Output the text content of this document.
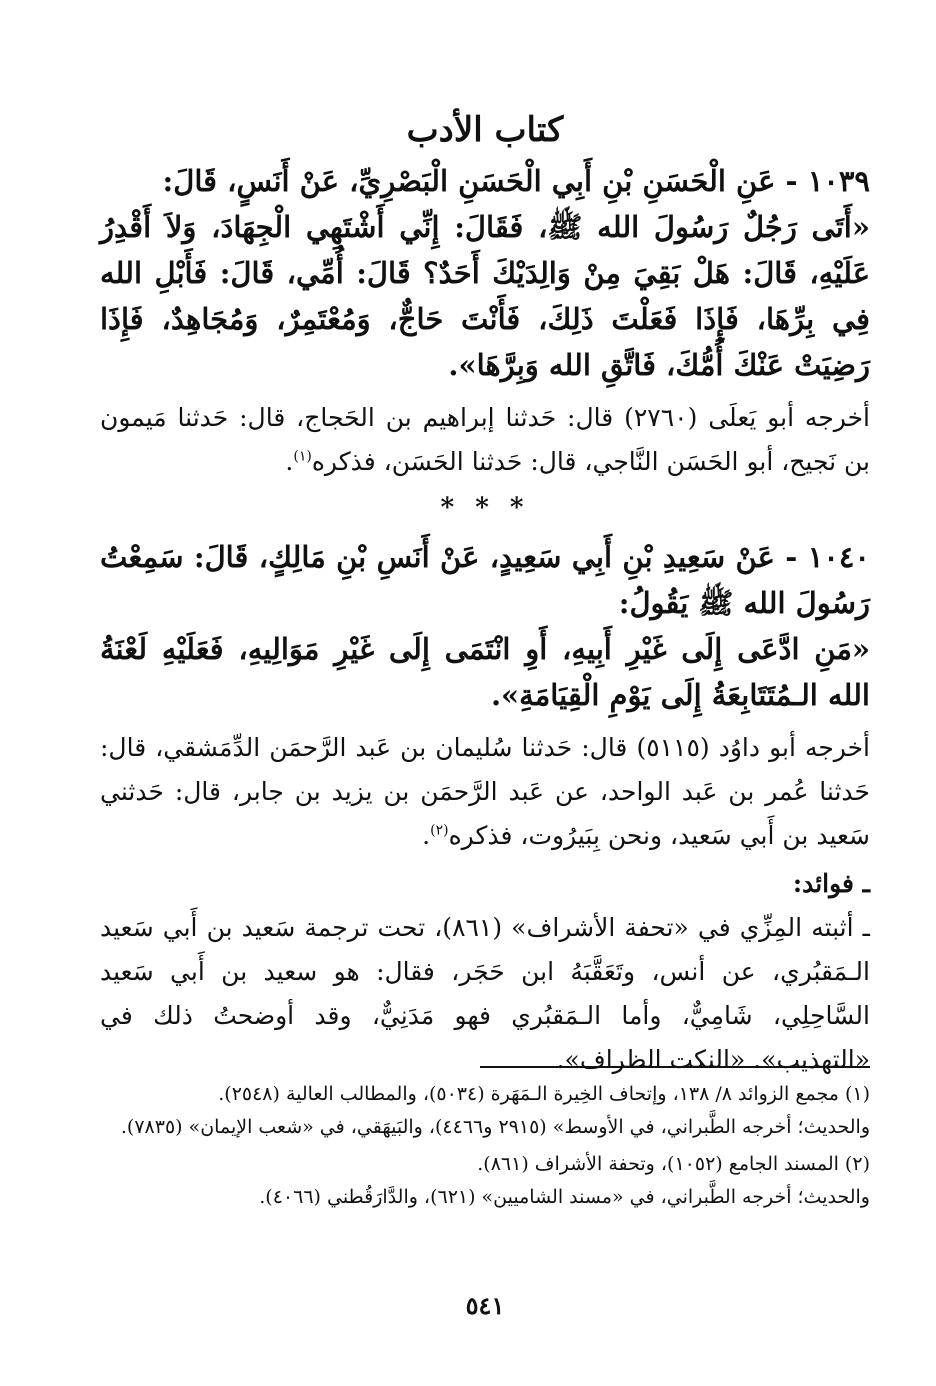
كتاب الأدب

١٠٣٩ - عَنِ الْحَسَنِ بْنِ أَبِي الْحَسَنِ الْبَصْرِيِّ، عَنْ أَنَسٍ، قَالَ:

«أَتَى رَجُلٌ رَسُولَ الله ﷺ، فَقَالَ: إِنِّي أَشْتَهِي الْجِهَادَ، وَلاَ أَقْدِرُ عَلَيْهِ، قَالَ: هَلْ بَقِيَ مِنْ وَالِدَيْكَ أَحَدٌ؟ قَالَ: أُمِّي، قَالَ: فَأَبْلِ الله فِي بِرِّهَا، فَإِذَا فَعَلْتَ ذَلِكَ، فَأَنْتَ حَاجٌّ، وَمُعْتَمِرٌ، وَمُجَاهِدٌ، فَإِذَا رَضِيَتْ عَنْكَ أُمُّكَ، فَاتَّقِ الله وَبِرَّهَا».

أخرجه أبو يَعلَى (٢٧٦٠) قال: حَدثنا إبراهيم بن الحَجاج، قال: حَدثنا مَيمون بن نَجيح، أبو الحَسَن النَّاجي، قال: حَدثنا الحَسَن، فذكره$^{(١)}$.

* * *

١٠٤٠ - عَنْ سَعِيدِ بْنِ أَبِي سَعِيدٍ، عَنْ أَنَسِ بْنِ مَالِكٍ، قَالَ: سَمِعْتُ رَسُولَ الله ﷺ يَقُولُ:

«مَنِ ادَّعَى إِلَى غَيْرِ أَبِيهِ، أَوِ انْتَمَى إِلَى غَيْرِ مَوَالِيهِ، فَعَلَيْهِ لَعْنَةُ الله الـمُتَتَابِعَةُ إِلَى يَوْمِ الْقِيَامَةِ».

أخرجه أبو داوُد (٥١١٥) قال: حَدثنا سُليمان بن عَبد الرَّحمَن الدِّمَشقي، قال: حَدثنا عُمر بن عَبد الواحد، عن عَبد الرَّحمَن بن يزيد بن جابر، قال: حَدثني سَعيد بن أَبي سَعيد، ونحن بِبَيرُوت، فذكره$^{(٢)}$.

ـ فوائد:

ـ أثبته المِزِّي في «تحفة الأشراف» (٨٦١)، تحت ترجمة سَعيد بن أَبي سَعيد الـمَقبُري، عن أنس، وتَعَقَّبَهُ ابن حَجَر، فقال: هو سعيد بن أَبي سَعيد السَّاحِلِي، شَامِيٌّ، وأما الـمَقبُري فهو مَدَنِيٌّ، وقد أوضحتُ ذلك في «التهذيب». «النكت الظراف».

(١) مجمع الزوائد ٨/ ١٣٨، وإتحاف الخِيرة الـمَهَرة (٥٠٣٤)، والمطالب العالية (٢٥٤٨).

والحديث؛ أخرجه الطَّبراني، في الأوسط» (٢٩١٥ و٤٤٦٦)، والبَيهَقي، في «شعب الإيمان» (٧٨٣٥).

(٢) المسند الجامع (١٠٥٢)، وتحفة الأشراف (٨٦١).

والحديث؛ أخرجه الطَّبراني، في «مسند الشاميين» (٦٢١)، والدَّارَقُطني (٤٠٦٦).

٥٤١
